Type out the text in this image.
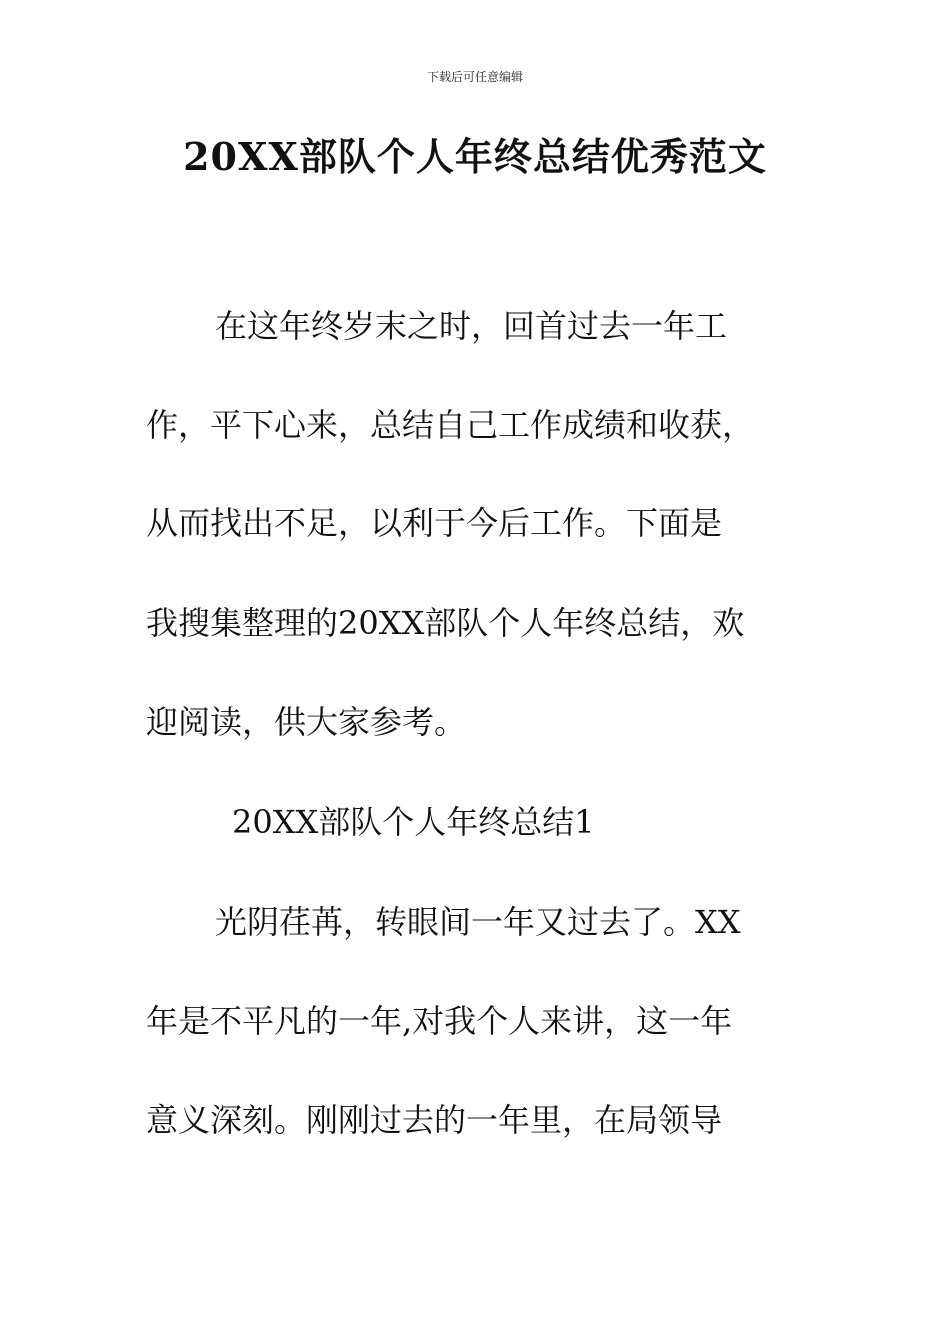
下载后可任意编辑
20XX部队个人年终总结优秀范文
在这年终岁末之时，回首过去一年工
作，平下心来，总结自己工作成绩和收获，
从而找出不足，以利于今后工作。下面是
我搜集整理的20XX部队个人年终总结，欢
迎阅读，供大家参考。
20XX部队个人年终总结1
光阴荏苒，转眼间一年又过去了。XX
年是不平凡的一年,对我个人来讲，这一年
意义深刻。刚刚过去的一年里，在局领导
